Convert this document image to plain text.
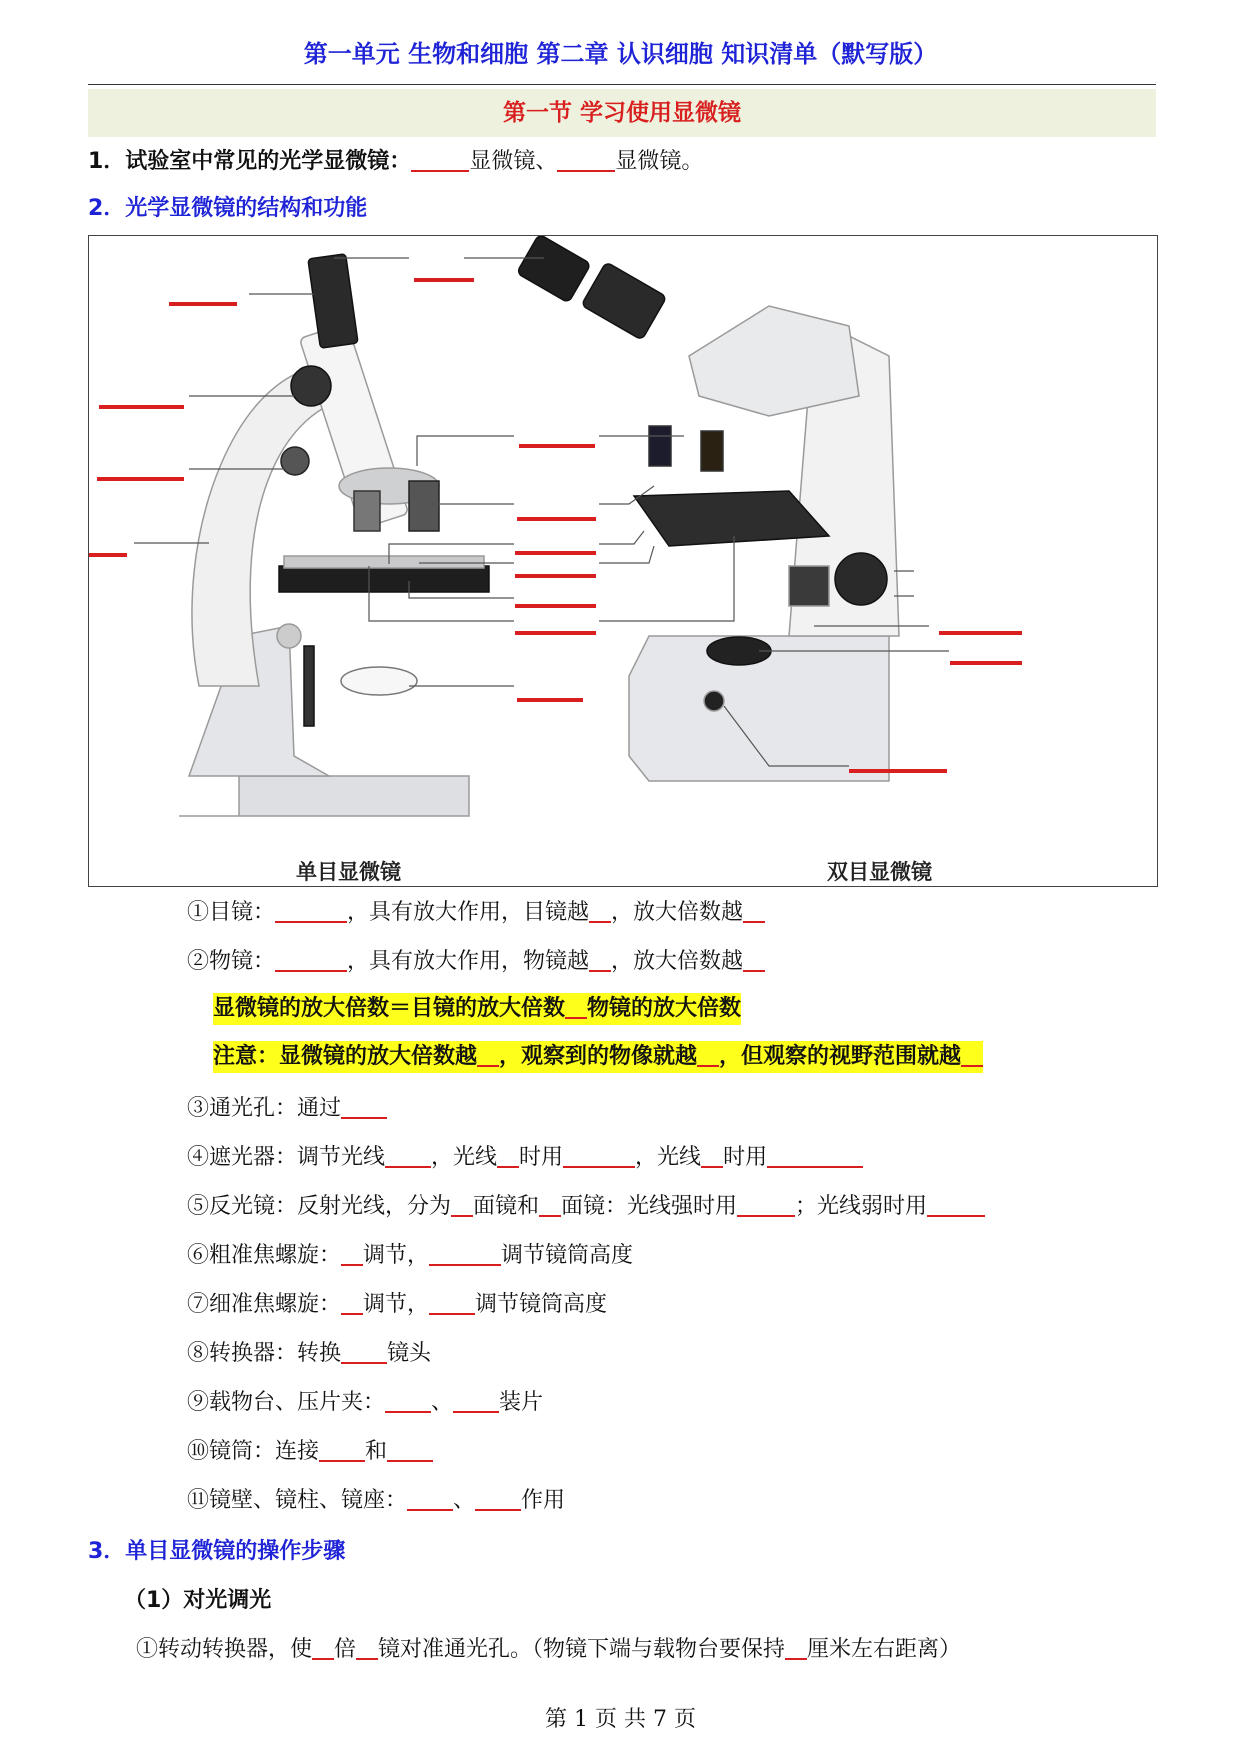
第一单元 生物和细胞 第二章 认识细胞 知识清单（默写版）
第一节 学习使用显微镜
1．试验室中常见的光学显微镜：	显微镜、	显微镜。
2．光学显微镜的结构和功能
单目显微镜	双目显微镜
①目镜：	，具有放大作用，目镜越 ，放大倍数越
②物镜：	，具有放大作用，物镜越 ，放大倍数越
显微镜的放大倍数＝目镜的放大倍数 物镜的放大倍数
注意：显微镜的放大倍数越 ，观察到的物像就越 ，但观察的视野范围就越
③通光孔：通过
④遮光器：调节光线 ，光线 时用	，光线 时用
⑤反光镜：反射光线，分为 面镜和 面镜：光线强时用	；光线弱时用
⑥粗准焦螺旋： 调节，	调节镜筒高度
⑦细准焦螺旋： 调节， 调节镜筒高度
⑧转换器：转换 镜头
⑨载物台、压片夹： 、 装片
⑩镜筒：连接 和
⑪镜壁、镜柱、镜座： 、 作用
3．单目显微镜的操作步骤
（1）对光调光
①转动转换器，使 倍 镜对准通光孔。（物镜下端与载物台要保持 厘米左右距离）
第 1 页 共 7 页
